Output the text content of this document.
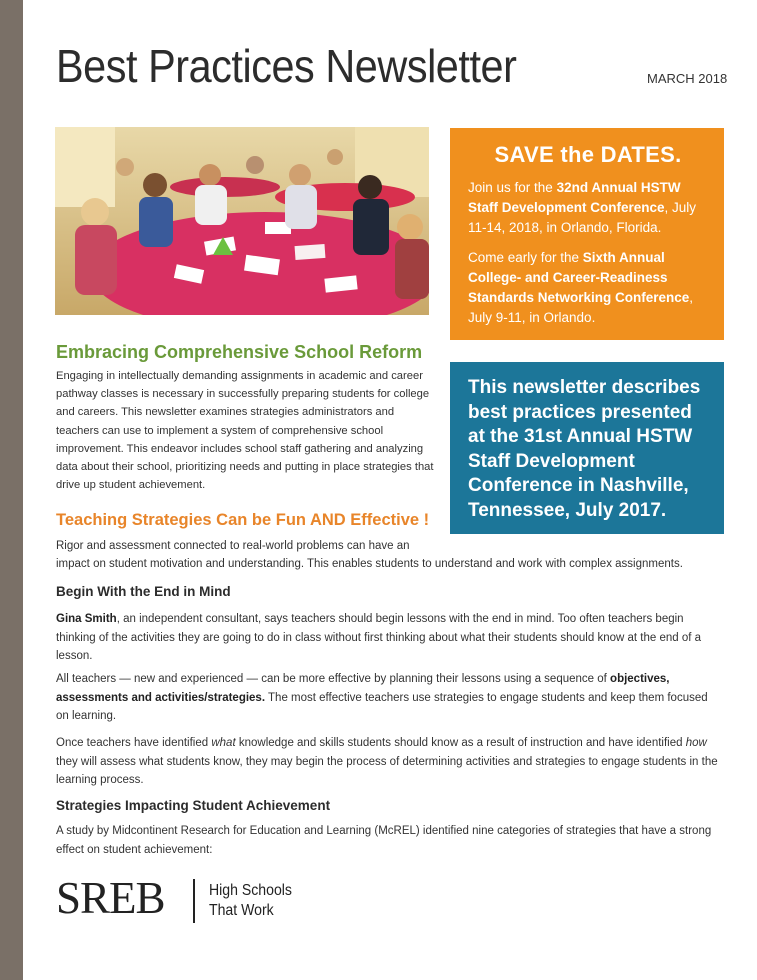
Best Practices Newsletter	MARCH 2018
SAVE the DATES.

Join us for the 32nd Annual HSTW Staff Development Conference, July 11-14, 2018, in Orlando, Florida.

Come early for the Sixth Annual College- and Career-Readiness Standards Networking Conference, July 9-11, in Orlando.

This newsletter describes best practices presented at the 31st Annual HSTW Staff Development Conference in Nashville, Tennessee, July 2017.
Embracing Comprehensive School Reform

Engaging in intellectually demanding assignments in academic and career pathway classes is necessary in successfully preparing students for college and careers. This newsletter examines strategies administrators and teachers can use to implement a system of comprehensive school improvement. This endeavor includes school staff gathering and analyzing data about their school, prioritizing needs and putting in place strategies that drive up student achievement.

Teaching Strategies Can be Fun AND Effective !

Rigor and assessment connected to real-world problems can have an

impact on student motivation and understanding. This enables students to understand and work with complex assignments.

Begin With the End in Mind

Gina Smith, an independent consultant, says teachers should begin lessons with the end in mind. Too often teachers begin thinking of the activities they are going to do in class without first thinking about what their students should know at the end of a lesson.

All teachers — new and experienced — can be more effective by planning their lessons using a sequence of objectives, assessments and activities/strategies. The most effective teachers use strategies to engage students and keep them focused on learning.

Once teachers have identified what knowledge and skills students should know as a result of instruction and have identified how they will assess what students know, they may begin the process of determining activities and strategies to engage students in the learning process.

Strategies Impacting Student Achievement

A study by Midcontinent Research for Education and Learning (McREL) identified nine categories of strategies that have a strong effect on student achievement:

SREB	High Schools
That Work
